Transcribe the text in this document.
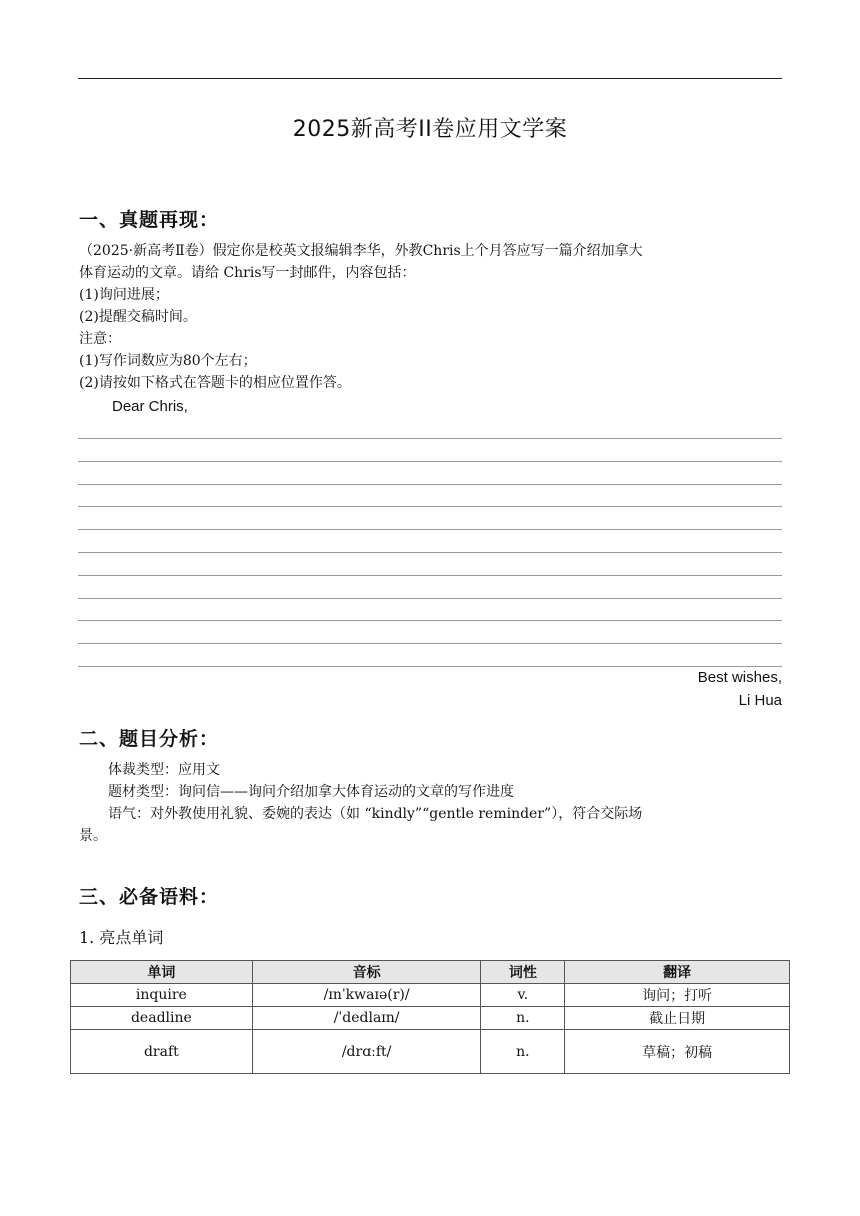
2025新高考II卷应用文学案
一、真题再现：
（2025·新高考Ⅱ卷）假定你是校英文报编辑李华，外教Chris上个月答应写一篇介绍加拿大
体育运动的文章。请给 Chris写一封邮件，内容包括：
(1)询问进展；
(2)提醒交稿时间。
注意：
(1)写作词数应为80个左右；
(2)请按如下格式在答题卡的相应位置作答。
Dear Chris,
Best wishes,
Li Hua
二、题目分析：
体裁类型：应用文
题材类型：询问信——询问介绍加拿大体育运动的文章的写作进度
语气：对外教使用礼貌、委婉的表达（如 “kindly”“gentle reminder”），符合交际场
景。
三、必备语料：
1. 亮点单词
单词	音标	词性	翻译
inquire	/ɪnˈkwaɪə(r)/	v.	询问；打听
deadline	/ˈdedlaɪn/	n.	截止日期
draft	/drɑːft/	n.	草稿；初稿
